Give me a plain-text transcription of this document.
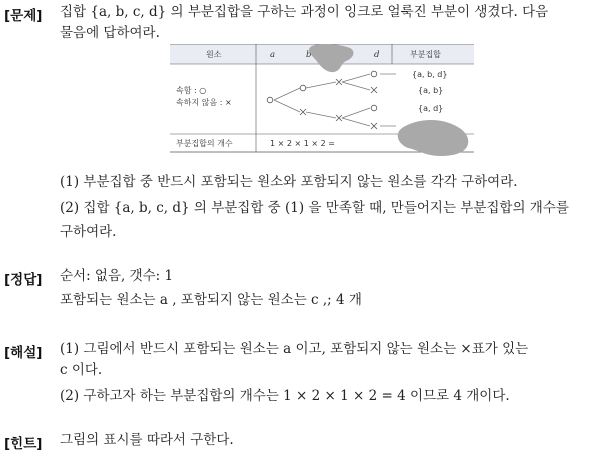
[문제] 집합 {a, b, c, d} 의 부분집합을 구하는 과정이 잉크로 얼룩진 부분이 생겼다. 다음
물음에 답하여라.
원소	a	b	d	부분집합
속함 : ○
속하지 않음 : ×
{a, b, d}
{a, b}
{a, d}
부분집합의 개수	1 × 2 × 1 × 2 =
(1) 부분집합 중 반드시 포함되는 원소와 포함되지 않는 원소를 각각 구하여라.
(2) 집합 {a, b, c, d} 의 부분집합 중 (1) 을 만족할 때, 만들어지는 부분집합의 개수를
구하여라.
[정답] 순서: 없음, 갯수: 1
포함되는 원소는 a , 포함되지 않는 원소는 c ,; 4 개
[해설] (1) 그림에서 반드시 포함되는 원소는 a 이고, 포함되지 않는 원소는 ×표가 있는
c 이다.
(2) 구하고자 하는 부분집합의 개수는 1 × 2 × 1 × 2 = 4 이므로 4 개이다.
[힌트] 그림의 표시를 따라서 구한다.
